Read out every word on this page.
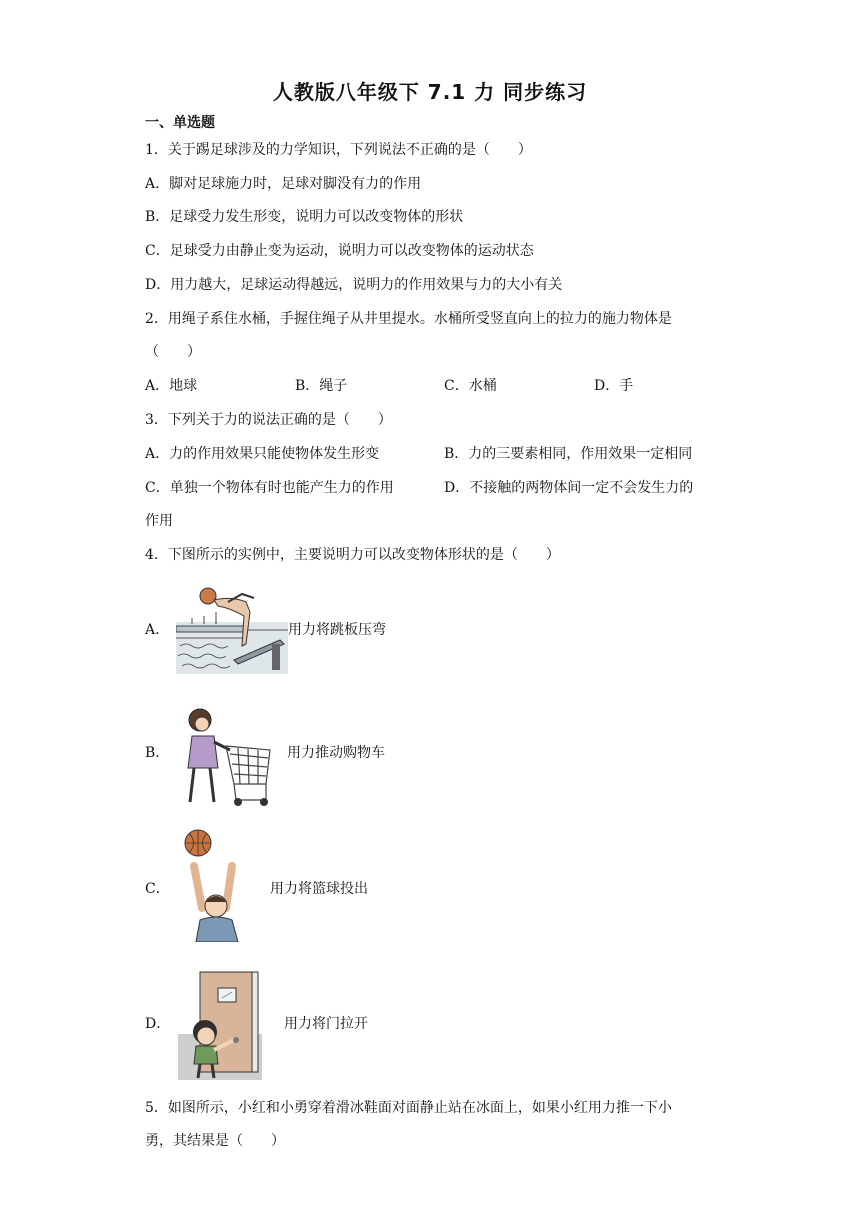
人教版八年级下 7.1 力 同步练习
一、单选题
1．关于踢足球涉及的力学知识，下列说法不正确的是（　　）
A．脚对足球施力时，足球对脚没有力的作用
B．足球受力发生形变，说明力可以改变物体的形状
C．足球受力由静止变为运动，说明力可以改变物体的运动状态
D．用力越大，足球运动得越远，说明力的作用效果与力的大小有关
2．用绳子系住水桶，手握住绳子从井里提水。水桶所受竖直向上的拉力的施力物体是
（　　）
A．地球	B．绳子	C．水桶	D．手
3．下列关于力的说法正确的是（　　）
A．力的作用效果只能使物体发生形变	B．力的三要素相同，作用效果一定相同
C．单独一个物体有时也能产生力的作用	D．不接触的两物体间一定不会发生力的
作用
4．下图所示的实例中，主要说明力可以改变物体形状的是（　　）
A．	用力将跳板压弯
B．	用力推动购物车
C．	用力将篮球投出
D．	用力将门拉开
5．如图所示，小红和小勇穿着滑冰鞋面对面静止站在冰面上，如果小红用力推一下小
勇，其结果是（　　）
